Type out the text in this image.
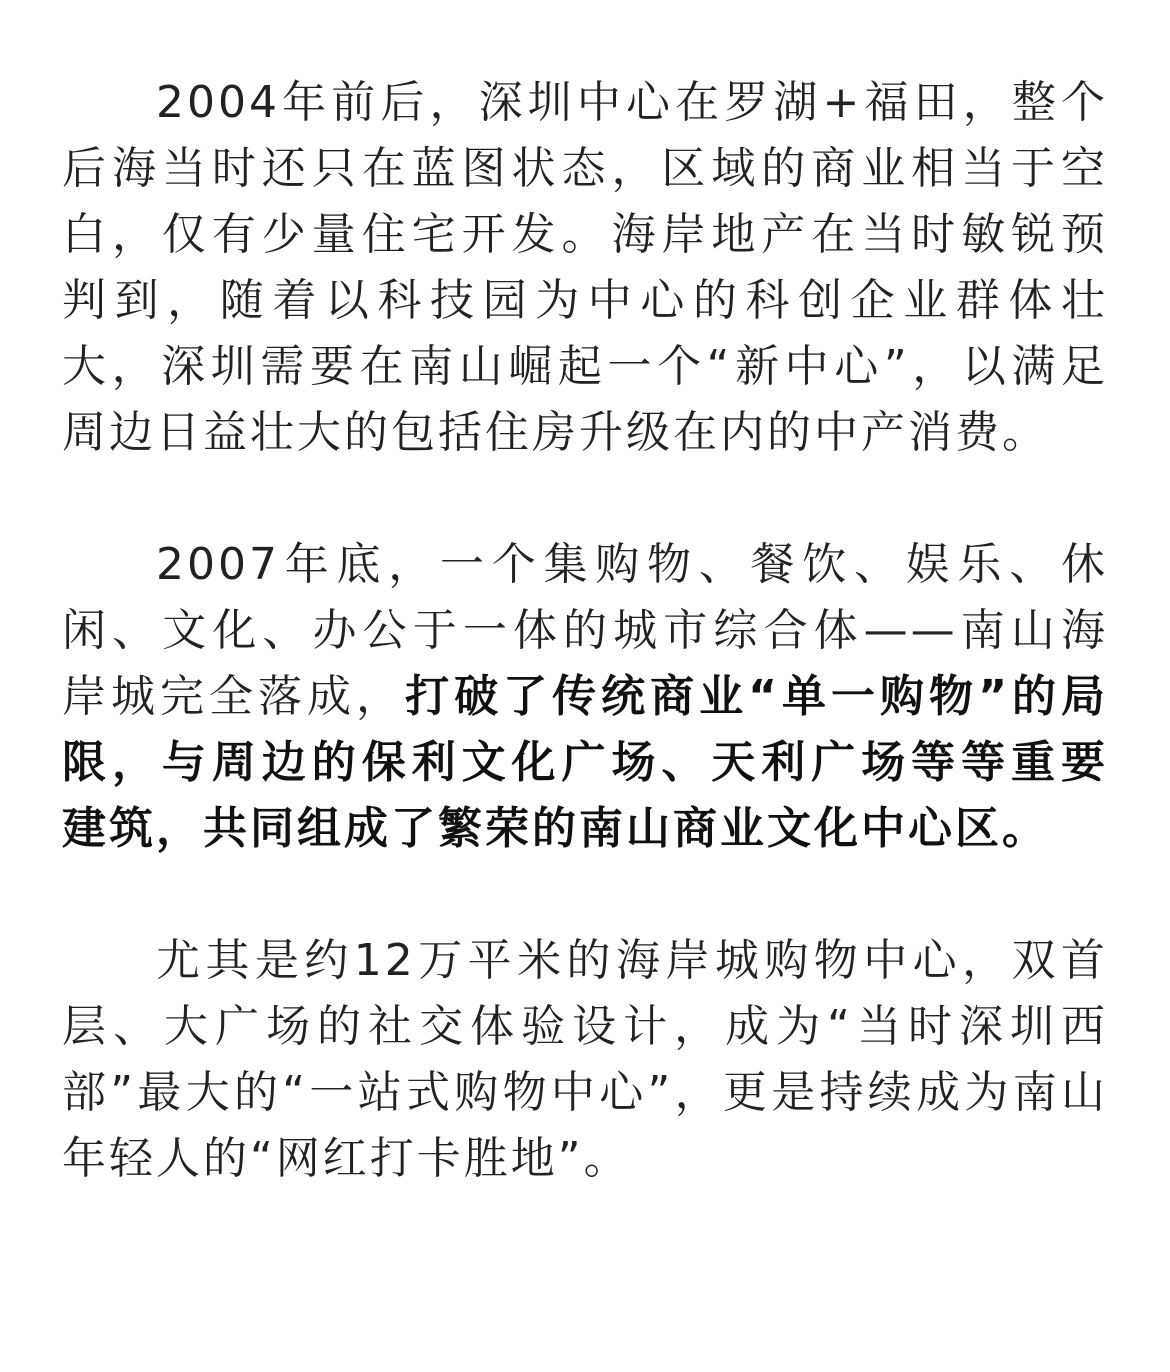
2004年前后，深圳中心在罗湖+福田，整个
后海当时还只在蓝图状态，区域的商业相当于空
白，仅有少量住宅开发。海岸地产在当时敏锐预
判到，随着以科技园为中心的科创企业群体壮
大，深圳需要在南山崛起一个“新中心”，以满足
周边日益壮大的包括住房升级在内的中产消费。
2007年底，一个集购物、餐饮、娱乐、休
闲、文化、办公于一体的城市综合体——南山海
岸城完全落成，打破了传统商业“单一购物”的局
限，与周边的保利文化广场、天利广场等等重要
建筑，共同组成了繁荣的南山商业文化中心区。
尤其是约12万平米的海岸城购物中心，双首
层、大广场的社交体验设计，成为“当时深圳西
部”最大的“一站式购物中心”，更是持续成为南山
年轻人的“网红打卡胜地”。
